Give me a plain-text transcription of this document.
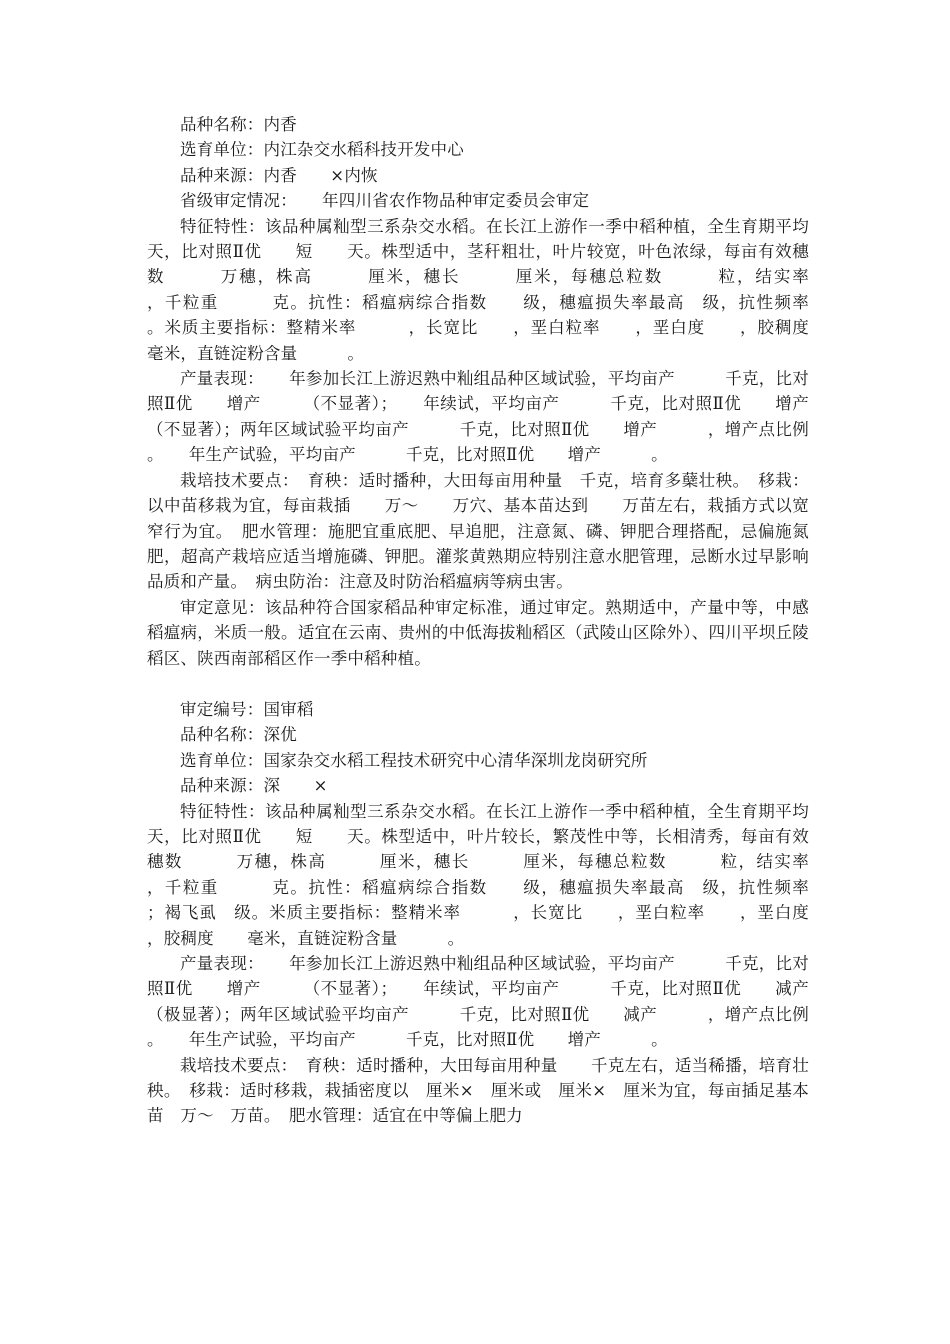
品种名称：内香

选育单位：内江杂交水稻科技开发中心

品种来源：内香　　×内恢

省级审定情况：　　年四川省农作物品种审定委员会审定

特征特性：该品种属籼型三系杂交水稻。在长江上游作一季中稻种植，全生育期平均　　　天，比对照Ⅱ优　　短　　天。株型适中，茎秆粗壮，叶片较宽，叶色浓绿，每亩有效穗数　　　万穗，株高　　　厘米，穗长　　　厘米，每穗总粒数　　　粒，结实率　　　，千粒重　　　克。抗性：稻瘟病综合指数　　级，穗瘟损失率最高　级，抗性频率　　　。米质主要指标：整精米率　　　，长宽比　　，垩白粒率　　，垩白度　　，胶稠度　　毫米，直链淀粉含量　　　。

产量表现：　　年参加长江上游迟熟中籼组品种区域试验，平均亩产　　　千克，比对照Ⅱ优　　增产　　　（不显著）；　　年续试，平均亩产　　　千克，比对照Ⅱ优　　增产　　　（不显著）；两年区域试验平均亩产　　　千克，比对照Ⅱ优　　增产　　　，增产点比例　　　。　　年生产试验，平均亩产　　　千克，比对照Ⅱ优　　增产　　　。

栽培技术要点：　育秧：适时播种，大田每亩用种量　千克，培育多蘖壮秧。　移栽：以中苗移栽为宜，每亩栽插　　万～　　万穴、基本苗达到　　万苗左右，栽插方式以宽窄行为宜。　肥水管理：施肥宜重底肥、早追肥，注意氮、磷、钾肥合理搭配，忌偏施氮肥，超高产栽培应适当增施磷、钾肥。灌浆黄熟期应特别注意水肥管理，忌断水过早影响品质和产量。　病虫防治：注意及时防治稻瘟病等病虫害。

审定意见：该品种符合国家稻品种审定标准，通过审定。熟期适中，产量中等，中感稻瘟病，米质一般。适宜在云南、贵州的中低海拔籼稻区（武陵山区除外）、四川平坝丘陵稻区、陕西南部稻区作一季中稻种植。

审定编号：国审稻

品种名称：深优

选育单位：国家杂交水稻工程技术研究中心清华深圳龙岗研究所

品种来源：深　　×

特征特性：该品种属籼型三系杂交水稻。在长江上游作一季中稻种植，全生育期平均　　　天，比对照Ⅱ优　　短　　天。株型适中，叶片较长，繁茂性中等，长相清秀，每亩有效穗数　　　万穗，株高　　　厘米，穗长　　　厘米，每穗总粒数　　　粒，结实率　　　，千粒重　　　克。抗性：稻瘟病综合指数　　级，穗瘟损失率最高　级，抗性频率　　　；褐飞虱　级。米质主要指标：整精米率　　　，长宽比　　，垩白粒率　　，垩白度　　，胶稠度　　毫米，直链淀粉含量　　　。

产量表现：　　年参加长江上游迟熟中籼组品种区域试验，平均亩产　　　千克，比对照Ⅱ优　　增产　　　（不显著）；　　年续试，平均亩产　　　千克，比对照Ⅱ优　　减产　　　（极显著）；两年区域试验平均亩产　　　千克，比对照Ⅱ优　　减产　　　，增产点比例　　　。　　年生产试验，平均亩产　　　千克，比对照Ⅱ优　　增产　　　。

栽培技术要点：　育秧：适时播种，大田每亩用种量　　千克左右，适当稀播，培育壮秧。　移栽：适时移栽，栽插密度以　厘米×　厘米或　厘米×　厘米为宜，每亩插足基本苗　万～　万苗。　肥水管理：适宜在中等偏上肥力
